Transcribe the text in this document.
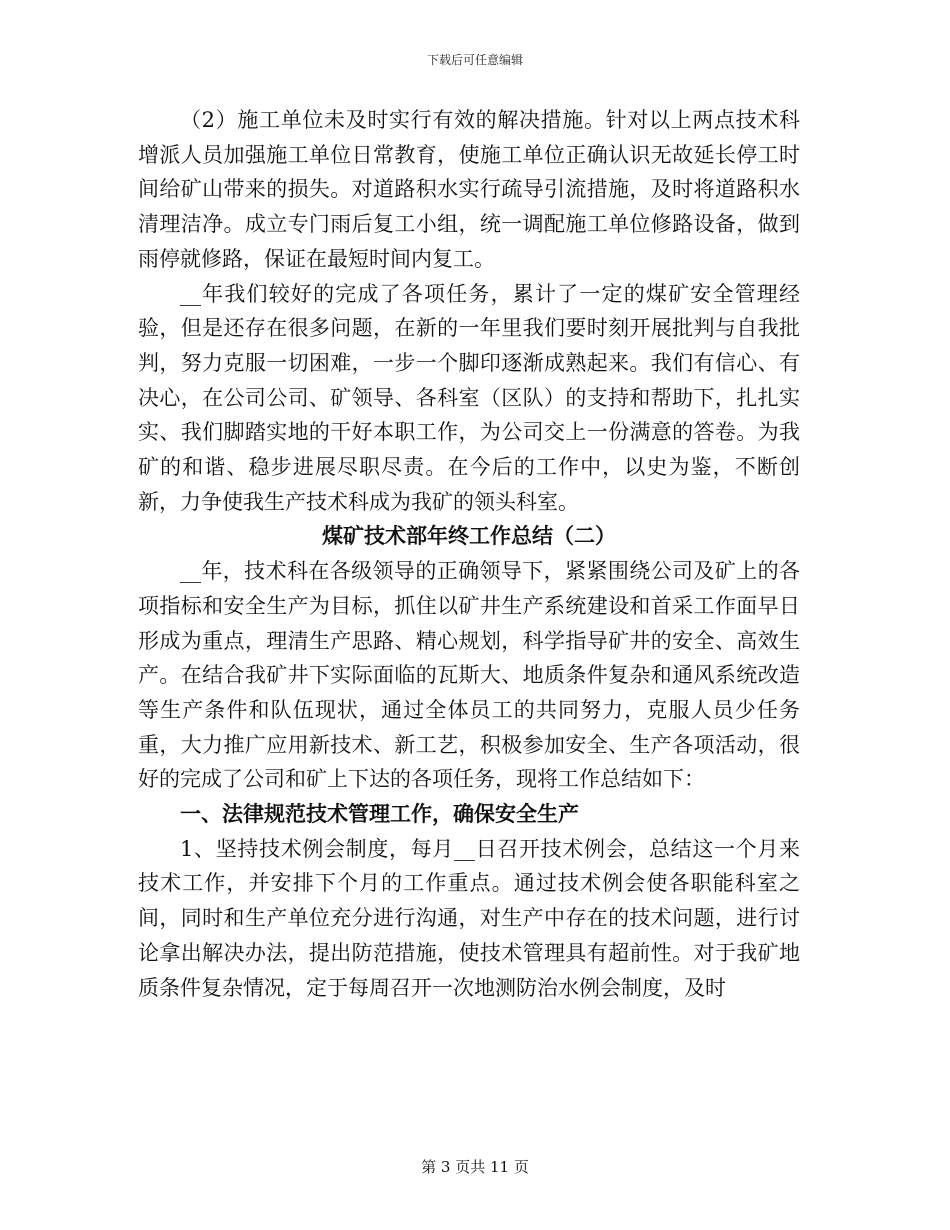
下载后可任意编辑

（2）施工单位未及时实行有效的解决措施。针对以上两点技术科增派人员加强施工单位日常教育，使施工单位正确认识无故延长停工时间给矿山带来的损失。对道路积水实行疏导引流措施，及时将道路积水清理洁净。成立专门雨后复工小组，统一调配施工单位修路设备，做到雨停就修路，保证在最短时间内复工。

__年我们较好的完成了各项任务，累计了一定的煤矿安全管理经验，但是还存在很多问题，在新的一年里我们要时刻开展批判与自我批判，努力克服一切困难，一步一个脚印逐渐成熟起来。我们有信心、有决心，在公司公司、矿领导、各科室（区队）的支持和帮助下，扎扎实实、我们脚踏实地的干好本职工作，为公司交上一份满意的答卷。为我矿的和谐、稳步进展尽职尽责。在今后的工作中，以史为鉴，不断创新，力争使我生产技术科成为我矿的领头科室。

煤矿技术部年终工作总结（二）

__年，技术科在各级领导的正确领导下，紧紧围绕公司及矿上的各项指标和安全生产为目标，抓住以矿井生产系统建设和首采工作面早日形成为重点，理清生产思路、精心规划，科学指导矿井的安全、高效生产。在结合我矿井下实际面临的瓦斯大、地质条件复杂和通风系统改造等生产条件和队伍现状，通过全体员工的共同努力，克服人员少任务重，大力推广应用新技术、新工艺，积极参加安全、生产各项活动，很好的完成了公司和矿上下达的各项任务，现将工作总结如下：

一、法律规范技术管理工作，确保安全生产

1、坚持技术例会制度，每月__日召开技术例会，总结这一个月来技术工作，并安排下个月的工作重点。通过技术例会使各职能科室之间，同时和生产单位充分进行沟通，对生产中存在的技术问题，进行讨论拿出解决办法，提出防范措施，使技术管理具有超前性。对于我矿地质条件复杂情况，定于每周召开一次地测防治水例会制度，及时

第 3 页共 11 页
